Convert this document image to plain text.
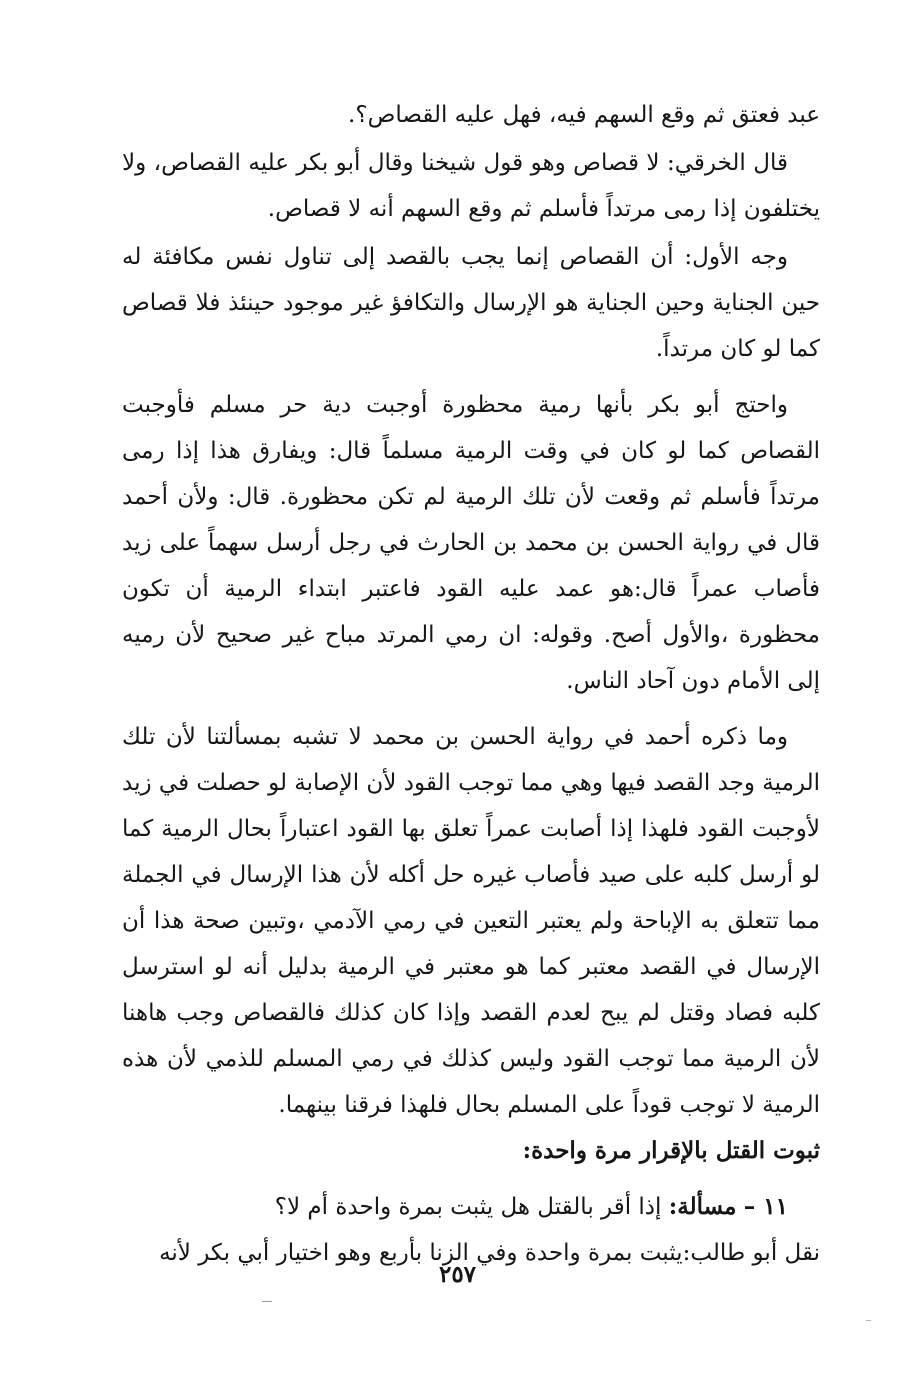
عبد فعتق ثم وقع السهم فيه، فهل عليه القصاص؟.

قال الخرقي: لا قصاص وهو قول شيخنا وقال أبو بكر عليه القصاص، ولا يختلفون إذا رمى مرتداً فأسلم ثم وقع السهم أنه لا قصاص.

وجه الأول: أن القصاص إنما يجب بالقصد إلى تناول نفس مكافئة له حين الجناية وحين الجناية هو الإرسال والتكافؤ غير موجود حينئذ فلا قصاص كما لو كان مرتداً.

واحتج أبو بكر بأنها رمية محظورة أوجبت دية حر مسلم فأوجبت القصاص كما لو كان في وقت الرمية مسلماً قال: ويفارق هذا إذا رمى مرتداً فأسلم ثم وقعت لأن تلك الرمية لم تكن محظورة. قال: ولأن أحمد قال في رواية الحسن بن محمد بن الحارث في رجل أرسل سهماً على زيد فأصاب عمراً قال:هو عمد عليه القود فاعتبر ابتداء الرمية أن تكون محظورة ،والأول أصح. وقوله: ان رمي المرتد مباح غير صحيح لأن رميه إلى الأمام دون آحاد الناس.

وما ذكره أحمد في رواية الحسن بن محمد لا تشبه بمسألتنا لأن تلك الرمية وجد القصد فيها وهي مما توجب القود لأن الإصابة لو حصلت في زيد لأوجبت القود فلهذا إذا أصابت عمراً تعلق بها القود اعتباراً بحال الرمية كما لو أرسل كلبه على صيد فأصاب غيره حل أكله لأن هذا الإرسال في الجملة مما تتعلق به الإباحة ولم يعتبر التعين في رمي الآدمي ،وتبين صحة هذا أن الإرسال في القصد معتبر كما هو معتبر في الرمية بدليل أنه لو استرسل كلبه فصاد وقتل لم يبح لعدم القصد وإذا كان كذلك فالقصاص وجب هاهنا لأن الرمية مما توجب القود وليس كذلك في رمي المسلم للذمي لأن هذه الرمية لا توجب قوداً على المسلم بحال فلهذا فرقنا بينهما.

ثبوت القتل بالإقرار مرة واحدة:

١١ – مسألة: إذا أقر بالقتل هل يثبت بمرة واحدة أم لا؟

نقل أبو طالب:يثبت بمرة واحدة وفي الزنا بأربع وهو اختيار أبي بكر لأنه

٢٥٧
